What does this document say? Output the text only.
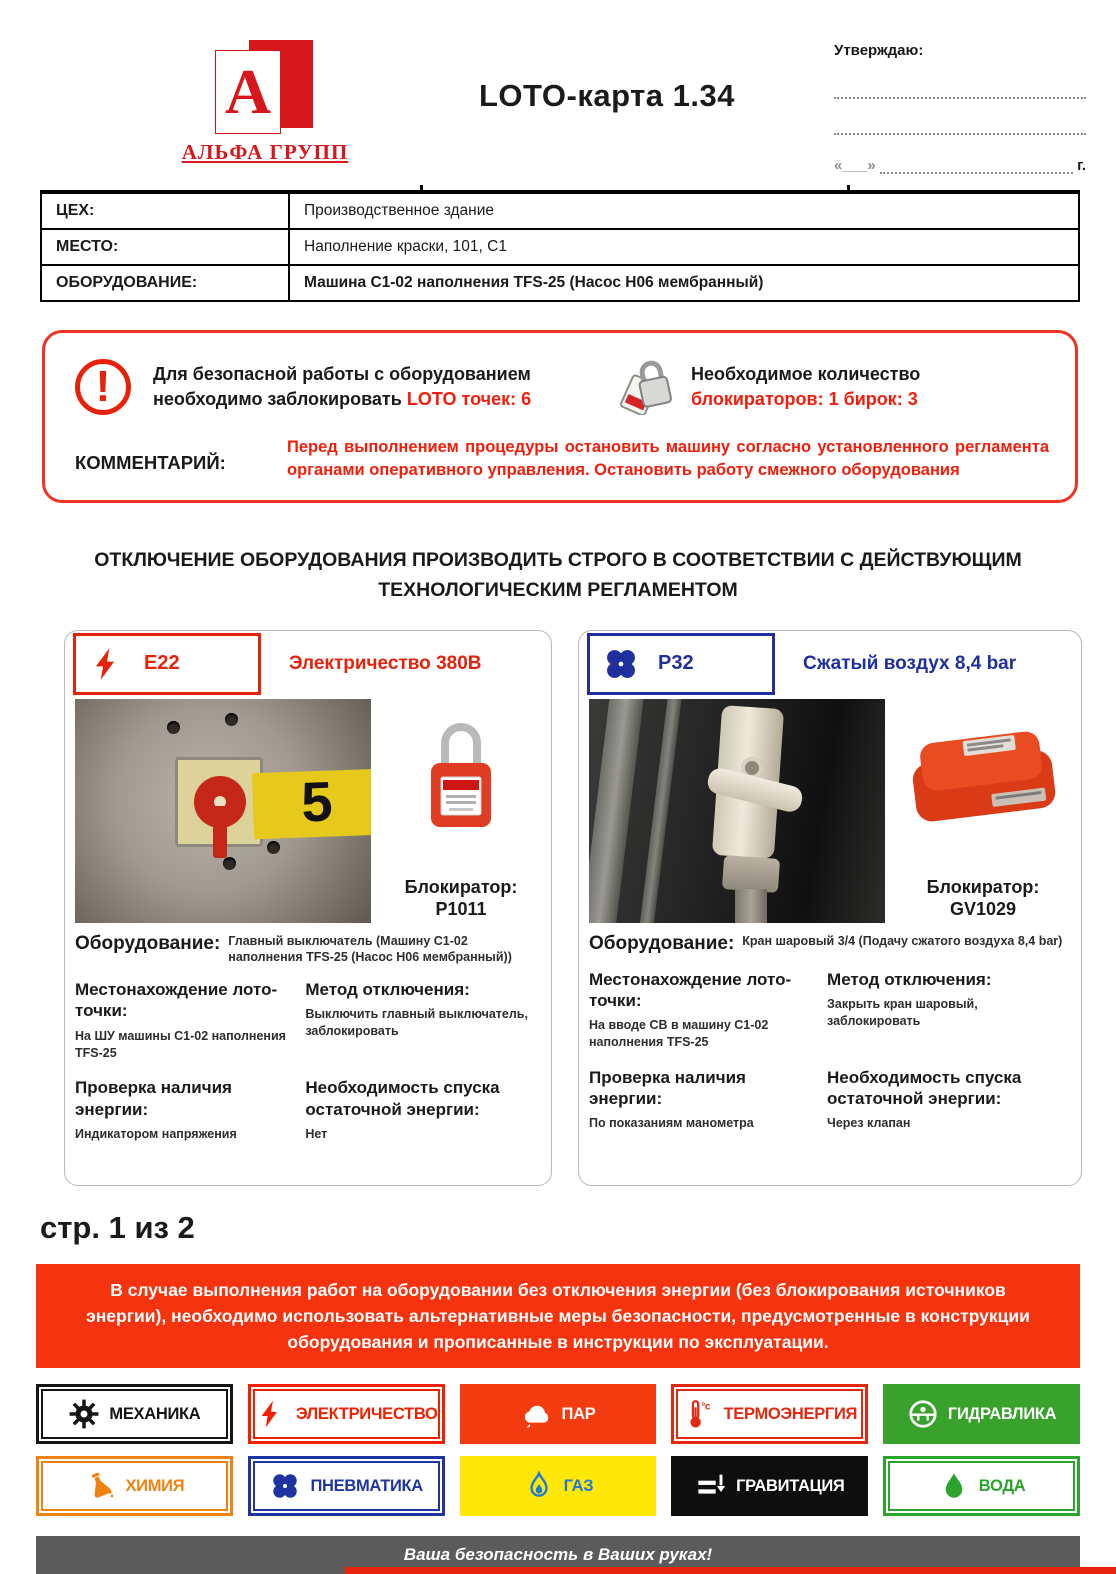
А
АЛЬФА ГРУПП
LOTO-карта 1.34
Утверждаю:
«___»	г.
ЦЕХ:	Производственное здание
МЕСТО:	Наполнение краски, 101, С1
ОБОРУДОВАНИЕ:	Машина С1-02 наполнения TFS-25 (Насос Н06 мембранный)
!	Для безопасной работы с оборудованием необходимо заблокировать LOTO точек: 6
Необходимое количество
блокираторов: 1 бирок: 3
КОММЕНТАРИЙ:
Перед выполнением процедуры остановить машину согласно установленного регламента органами оперативного управления. Остановить работу смежного оборудования
ОТКЛЮЧЕНИЕ ОБОРУДОВАНИЯ ПРОИЗВОДИТЬ СТРОГО В СООТВЕТСТВИИ С ДЕЙСТВУЮЩИМ ТЕХНОЛОГИЧЕСКИМ РЕГЛАМЕНТОМ
E22	Электричество 380В
5
Блокиратор:
P1011
Оборудование: Главный выключатель (Машину С1-02 наполнения TFS-25 (Насос Н06 мембранный))
Местонахождение лото-точки:

На ШУ машины С1-02 наполнения TFS-25

Метод отключения:

Выключить главный выключатель, заблокировать

Проверка наличия энергии:

Индикатором напряжения

Необходимость спуска остаточной энергии:

Нет

P32	Сжатый воздух 8,4 bar
Блокиратор:
GV1029
Оборудование: Кран шаровый 3/4 (Подачу сжатого воздуха 8,4 bar)
Местонахождение лото-точки:

На вводе СВ в машину С1-02 наполнения TFS-25

Метод отключения:

Закрыть кран шаровый, заблокировать

Проверка наличия энергии:

По показаниям манометра

Необходимость спуска остаточной энергии:

Через клапан

стр. 1 из 2
В случае выполнения работ на оборудовании без отключения энергии (без блокирования источников энергии), необходимо использовать альтернативные меры безопасности, предусмотренные в конструкции оборудования и прописанные в инструкции по эксплуатации.
МЕХАНИКА	ЭЛЕКТРИЧЕСТВО	ПАР	°c ТЕРМОЭНЕРГИЯ	ГИДРАВЛИКА
ХИМИЯ	ПНЕВМАТИКА	ГАЗ	ГРАВИТАЦИЯ	ВОДА
Ваша безопасность в Ваших руках!
